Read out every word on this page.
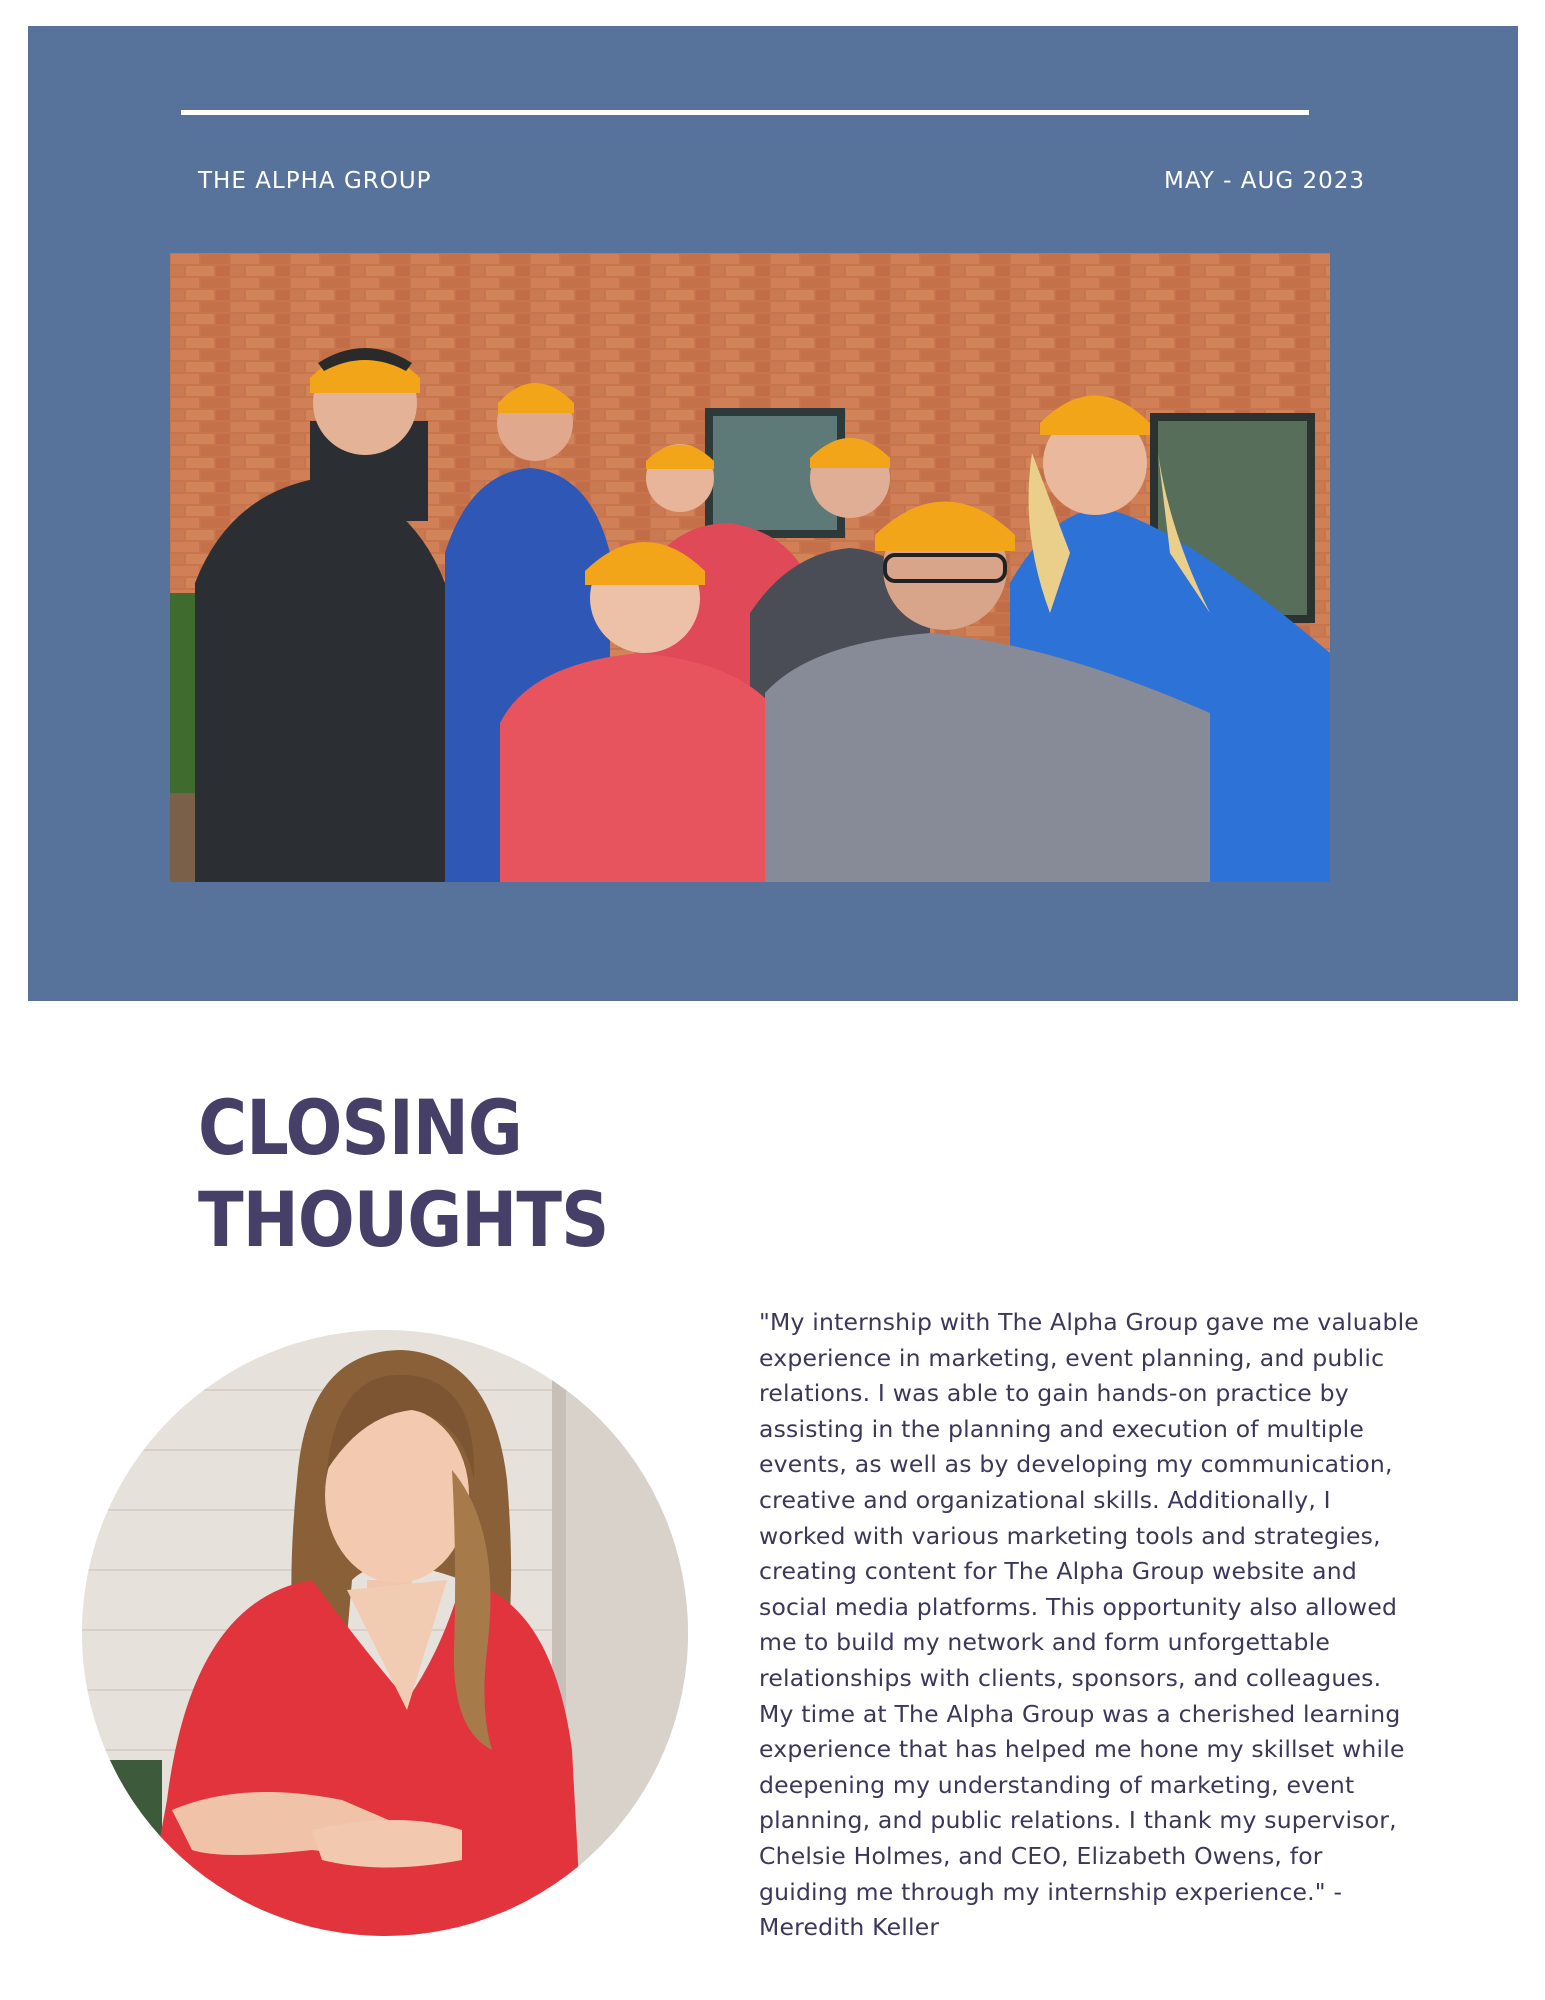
THE ALPHA GROUP	MAY - AUG 2023
CLOSING
THOUGHTS

"My internship with The Alpha Group gave me valuable experience in marketing, event planning, and public relations. I was able to gain hands-on practice by assisting in the planning and execution of multiple events, as well as by developing my communication, creative and organizational skills. Additionally, I worked with various marketing tools and strategies, creating content for The Alpha Group website and social media platforms. This opportunity also allowed me to build my network and form unforgettable relationships with clients, sponsors, and colleagues. My time at The Alpha Group was a cherished learning experience that has helped me hone my skillset while deepening my understanding of marketing, event planning, and public relations. I thank my supervisor, Chelsie Holmes, and CEO, Elizabeth Owens, for guiding me through my internship experience." - Meredith Keller
